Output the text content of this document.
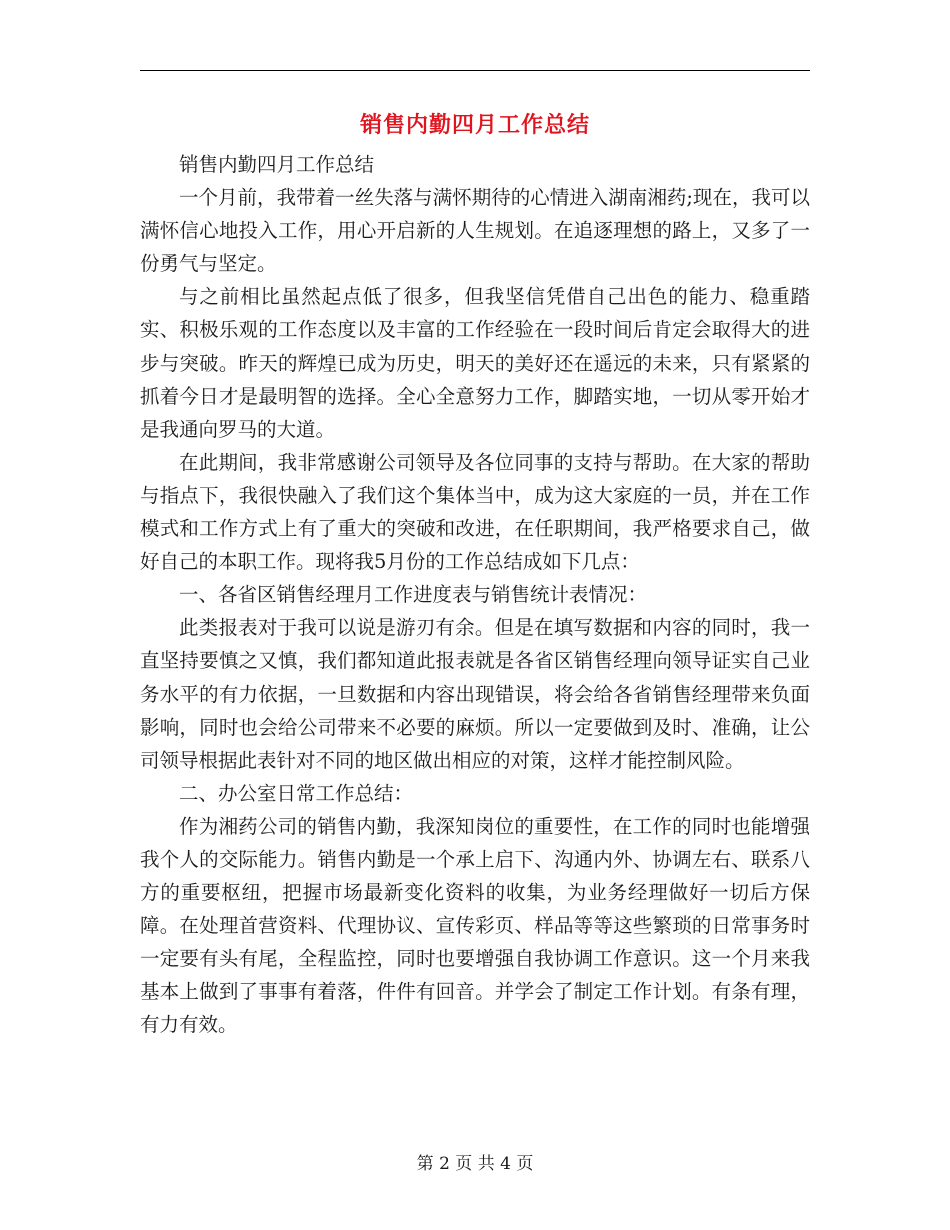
销售内勤四月工作总结

销售内勤四月工作总结

一个月前，我带着一丝失落与满怀期待的心情进入湖南湘药;现在，我可以满怀信心地投入工作，用心开启新的人生规划。在追逐理想的路上，又多了一份勇气与坚定。

与之前相比虽然起点低了很多，但我坚信凭借自己出色的能力、稳重踏实、积极乐观的工作态度以及丰富的工作经验在一段时间后肯定会取得大的进步与突破。昨天的辉煌已成为历史，明天的美好还在遥远的未来，只有紧紧的抓着今日才是最明智的选择。全心全意努力工作，脚踏实地，一切从零开始才是我通向罗马的大道。

在此期间，我非常感谢公司领导及各位同事的支持与帮助。在大家的帮助与指点下，我很快融入了我们这个集体当中，成为这大家庭的一员，并在工作模式和工作方式上有了重大的突破和改进，在任职期间，我严格要求自己，做好自己的本职工作。现将我5月份的工作总结成如下几点：

一、各省区销售经理月工作进度表与销售统计表情况：

此类报表对于我可以说是游刃有余。但是在填写数据和内容的同时，我一直坚持要慎之又慎，我们都知道此报表就是各省区销售经理向领导证实自己业务水平的有力依据，一旦数据和内容出现错误，将会给各省销售经理带来负面影响，同时也会给公司带来不必要的麻烦。所以一定要做到及时、准确，让公司领导根据此表针对不同的地区做出相应的对策，这样才能控制风险。

二、办公室日常工作总结：

作为湘药公司的销售内勤，我深知岗位的重要性，在工作的同时也能增强我个人的交际能力。销售内勤是一个承上启下、沟通内外、协调左右、联系八方的重要枢纽，把握市场最新变化资料的收集，为业务经理做好一切后方保障。在处理首营资料、代理协议、宣传彩页、样品等等这些繁琐的日常事务时一定要有头有尾，全程监控，同时也要增强自我协调工作意识。这一个月来我基本上做到了事事有着落，件件有回音。并学会了制定工作计划。有条有理，有力有效。

第 2 页 共 4 页
